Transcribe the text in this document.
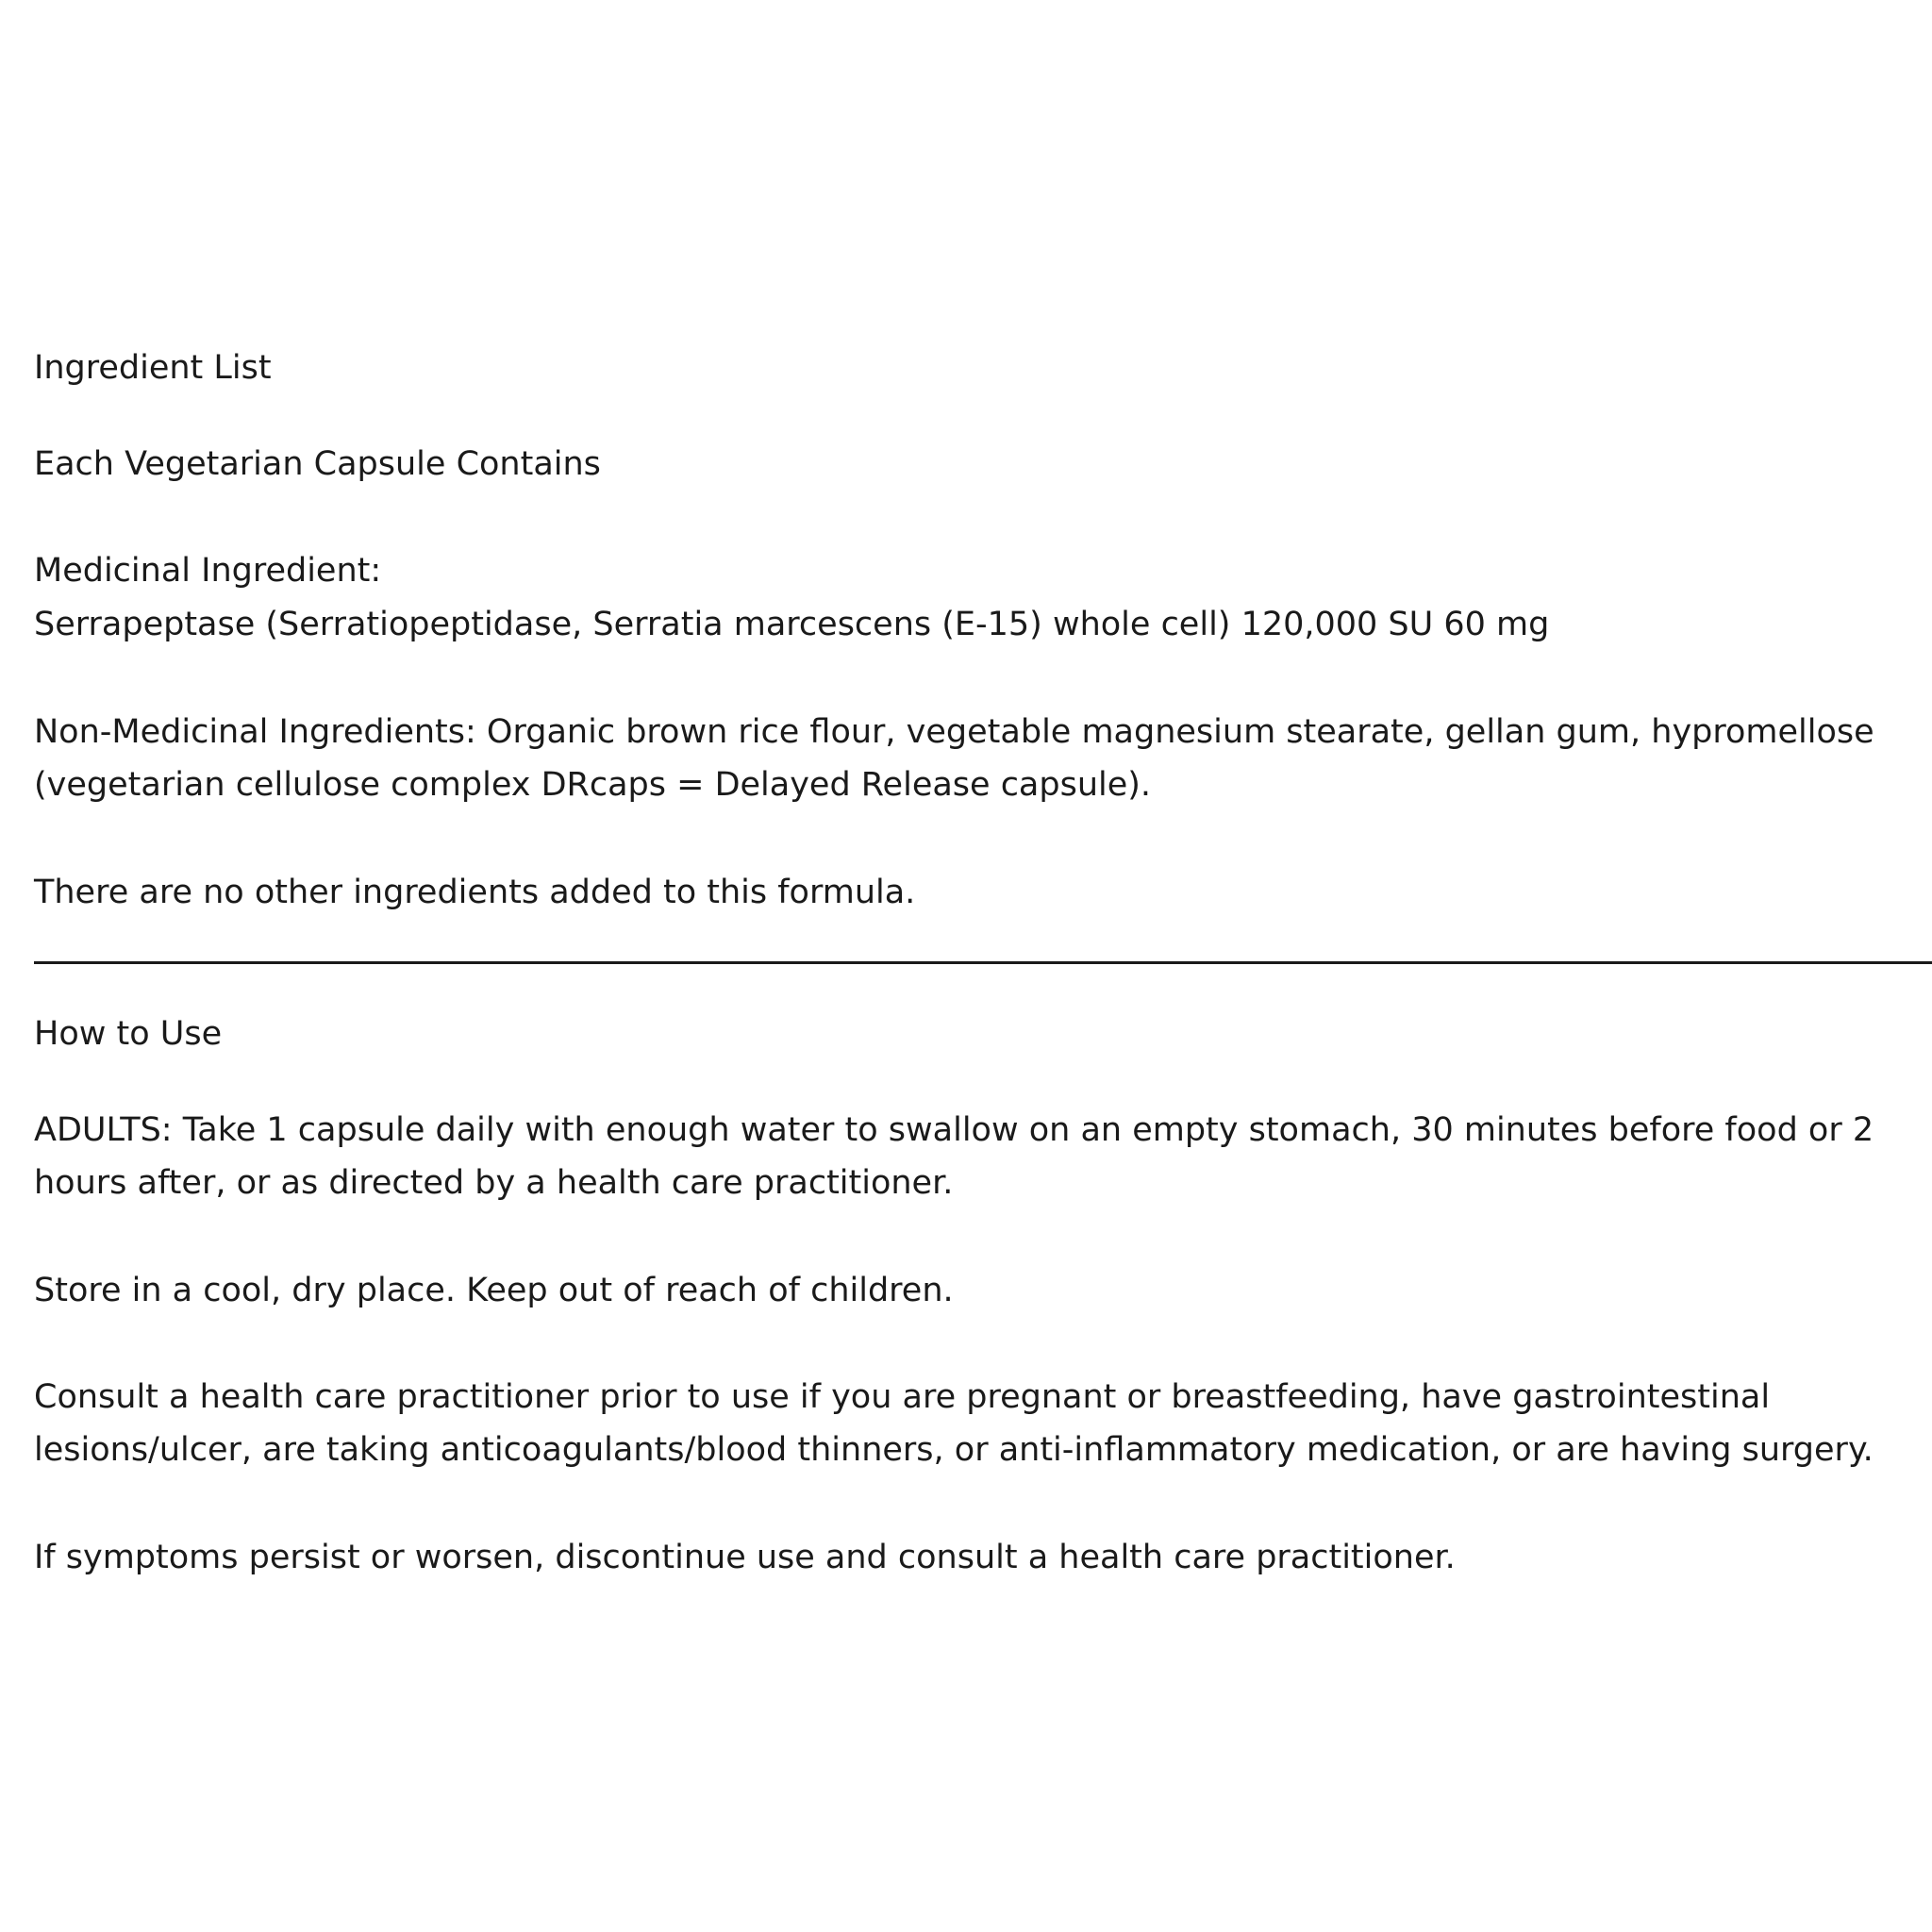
Ingredient List
Each Vegetarian Capsule Contains
Medicinal Ingredient:
Serrapeptase (Serratiopeptidase, Serratia marcescens (E-15) whole cell) 120,000 SU 60 mg
Non-Medicinal Ingredients: Organic brown rice flour, vegetable magnesium stearate, gellan gum, hypromellose
(vegetarian cellulose complex DRcaps = Delayed Release capsule).
There are no other ingredients added to this formula.
How to Use
ADULTS: Take 1 capsule daily with enough water to swallow on an empty stomach, 30 minutes before food or 2
hours after, or as directed by a health care practitioner.
Store in a cool, dry place. Keep out of reach of children.
Consult a health care practitioner prior to use if you are pregnant or breastfeeding, have gastrointestinal
lesions/ulcer, are taking anticoagulants/blood thinners, or anti-inflammatory medication, or are having surgery.
If symptoms persist or worsen, discontinue use and consult a health care practitioner.
